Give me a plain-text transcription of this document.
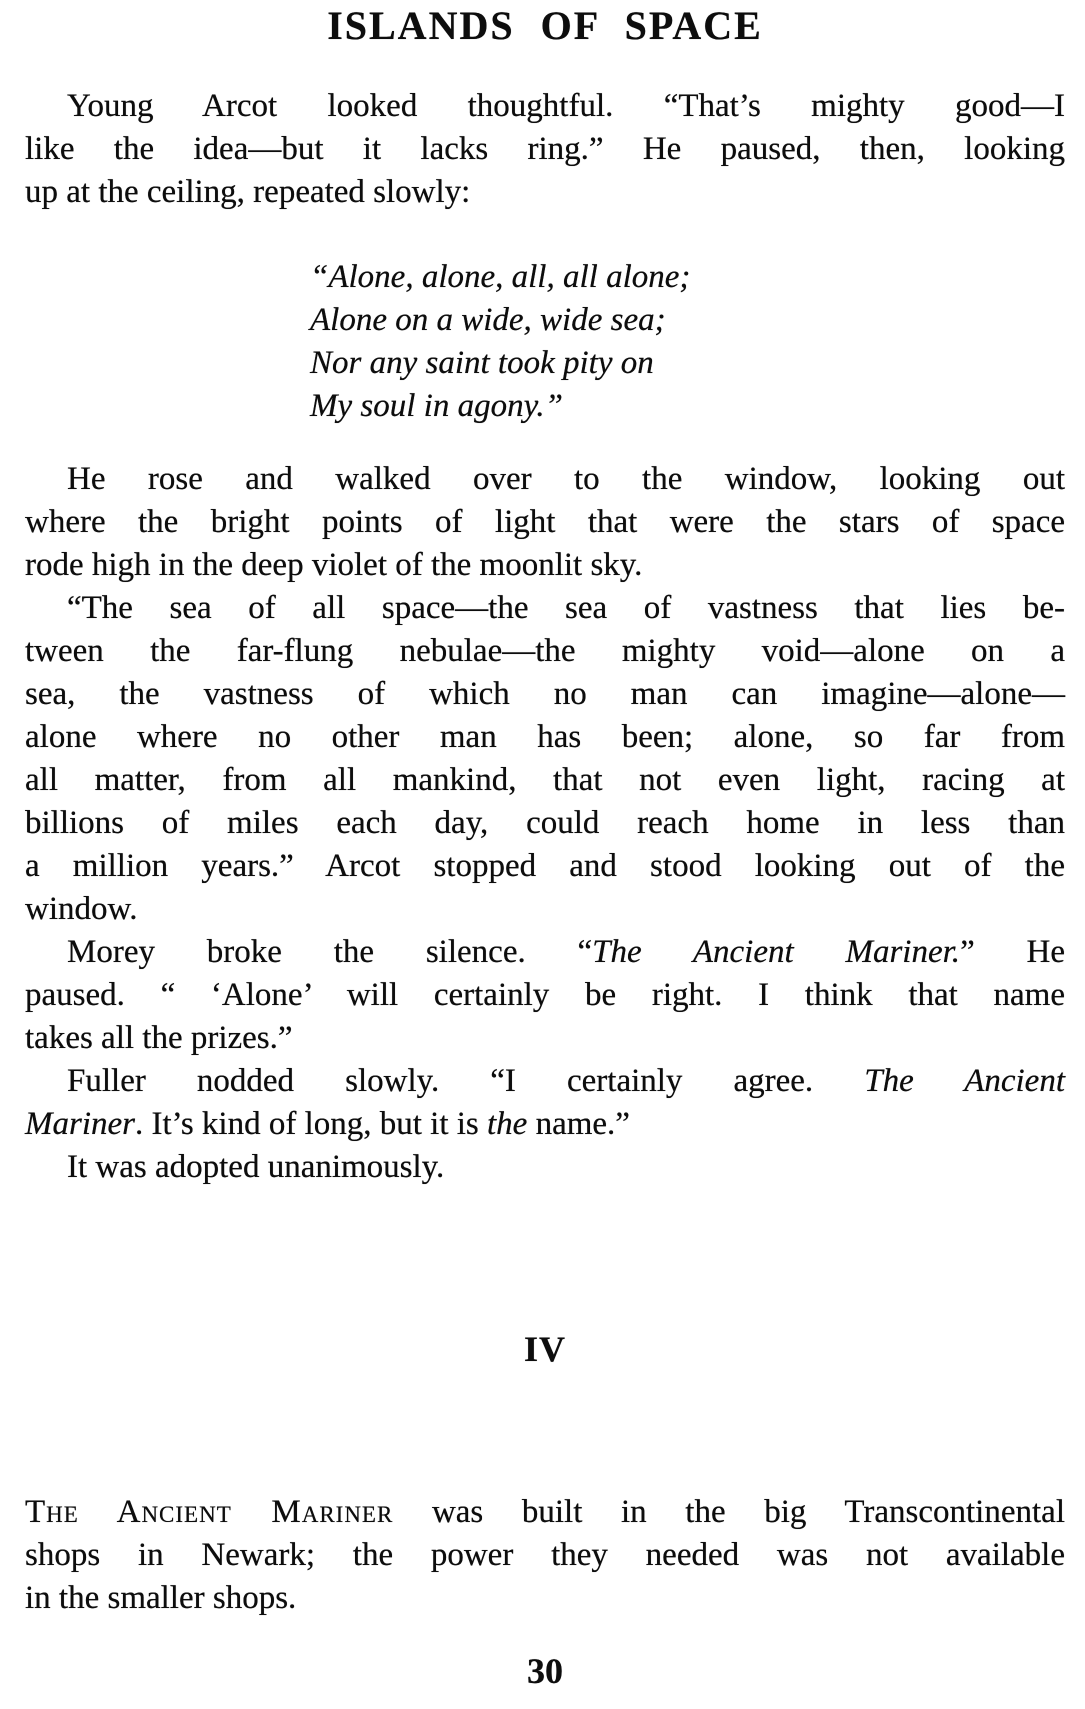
ISLANDS OF SPACE
Young Arcot looked thoughtful. “That’s mighty good—I
like the idea—but it lacks ring.” He paused, then, looking
up at the ceiling, repeated slowly:
“Alone, alone, all, all alone;
Alone on a wide, wide sea;
Nor any saint took pity on
My soul in agony.”
He rose and walked over to the window, looking out
where the bright points of light that were the stars of space
rode high in the deep violet of the moonlit sky.
“The sea of all space—the sea of vastness that lies be-
tween the far-flung nebulae—the mighty void—alone on a
sea, the vastness of which no man can imagine—alone—
alone where no other man has been; alone, so far from
all matter, from all mankind, that not even light, racing at
billions of miles each day, could reach home in less than
a million years.” Arcot stopped and stood looking out of the
window.
Morey broke the silence. “The Ancient Mariner.” He
paused. “ ‘Alone’ will certainly be right. I think that name
takes all the prizes.”
Fuller nodded slowly. “I certainly agree. The Ancient
Mariner. It’s kind of long, but it is the name.”
It was adopted unanimously.
IV
The Ancient Mariner was built in the big Transcontinental
shops in Newark; the power they needed was not available
in the smaller shops.
30
